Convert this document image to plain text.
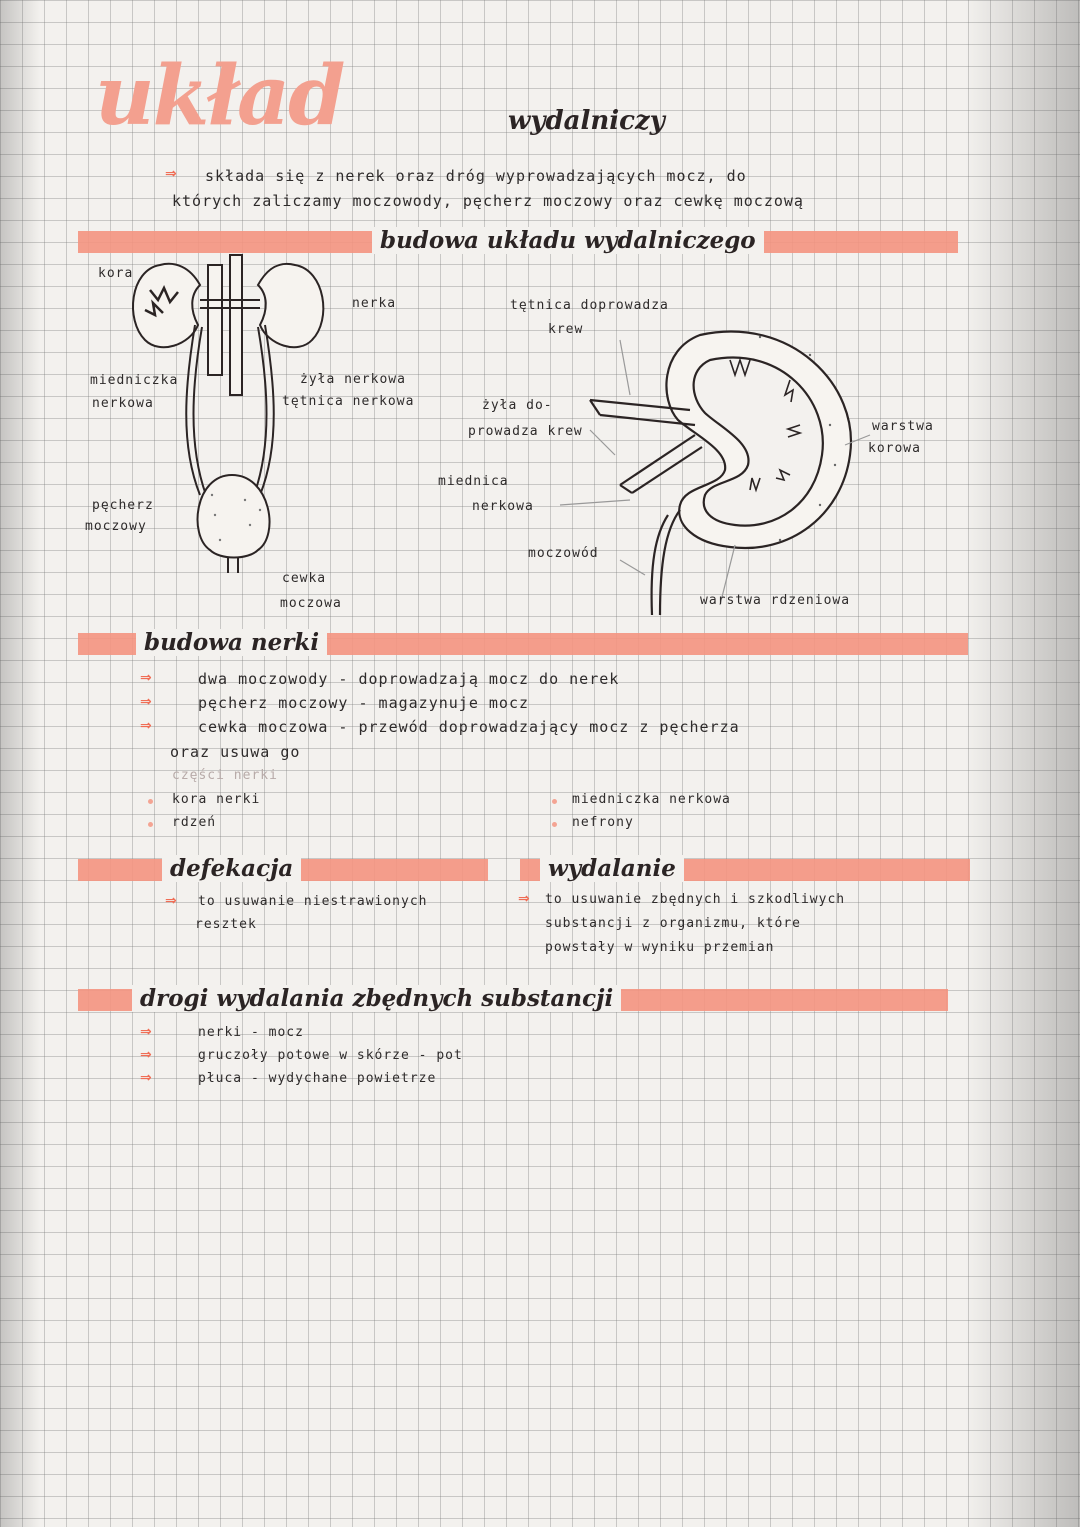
układ	wydalniczy
⇒ składa się z nerek oraz dróg wyprowadzających mocz, do
których zaliczamy moczowody, pęcherz moczowy oraz cewkę moczową
budowa układu wydalniczego
kora
nerka
miedniczka
nerkowa
żyła nerkowa
tętnica nerkowa
pęcherz
moczowy
cewka
moczowa
tętnica doprowadza
krew
żyła do-
prowadza krew
miednica
nerkowa
moczowód
warstwa
korowa
warstwa rdzeniowa
budowa nerki
⇒	dwa moczowody - doprowadzają mocz do nerek
⇒	pęcherz moczowy - magazynuje mocz
⇒	cewka moczowa - przewód doprowadzający mocz z pęcherza
oraz usuwa go
części nerki
kora nerki
rdzeń
miedniczka nerkowa
nefrony
defekacja
⇒ to usuwanie niestrawionych
resztek
wydalanie
⇒ to usuwanie zbędnych i szkodliwych
substancji z organizmu, które
powstały w wyniku przemian
drogi wydalania zbędnych substancji
⇒	nerki - mocz
⇒	gruczoły potowe w skórze - pot
⇒	płuca - wydychane powietrze
